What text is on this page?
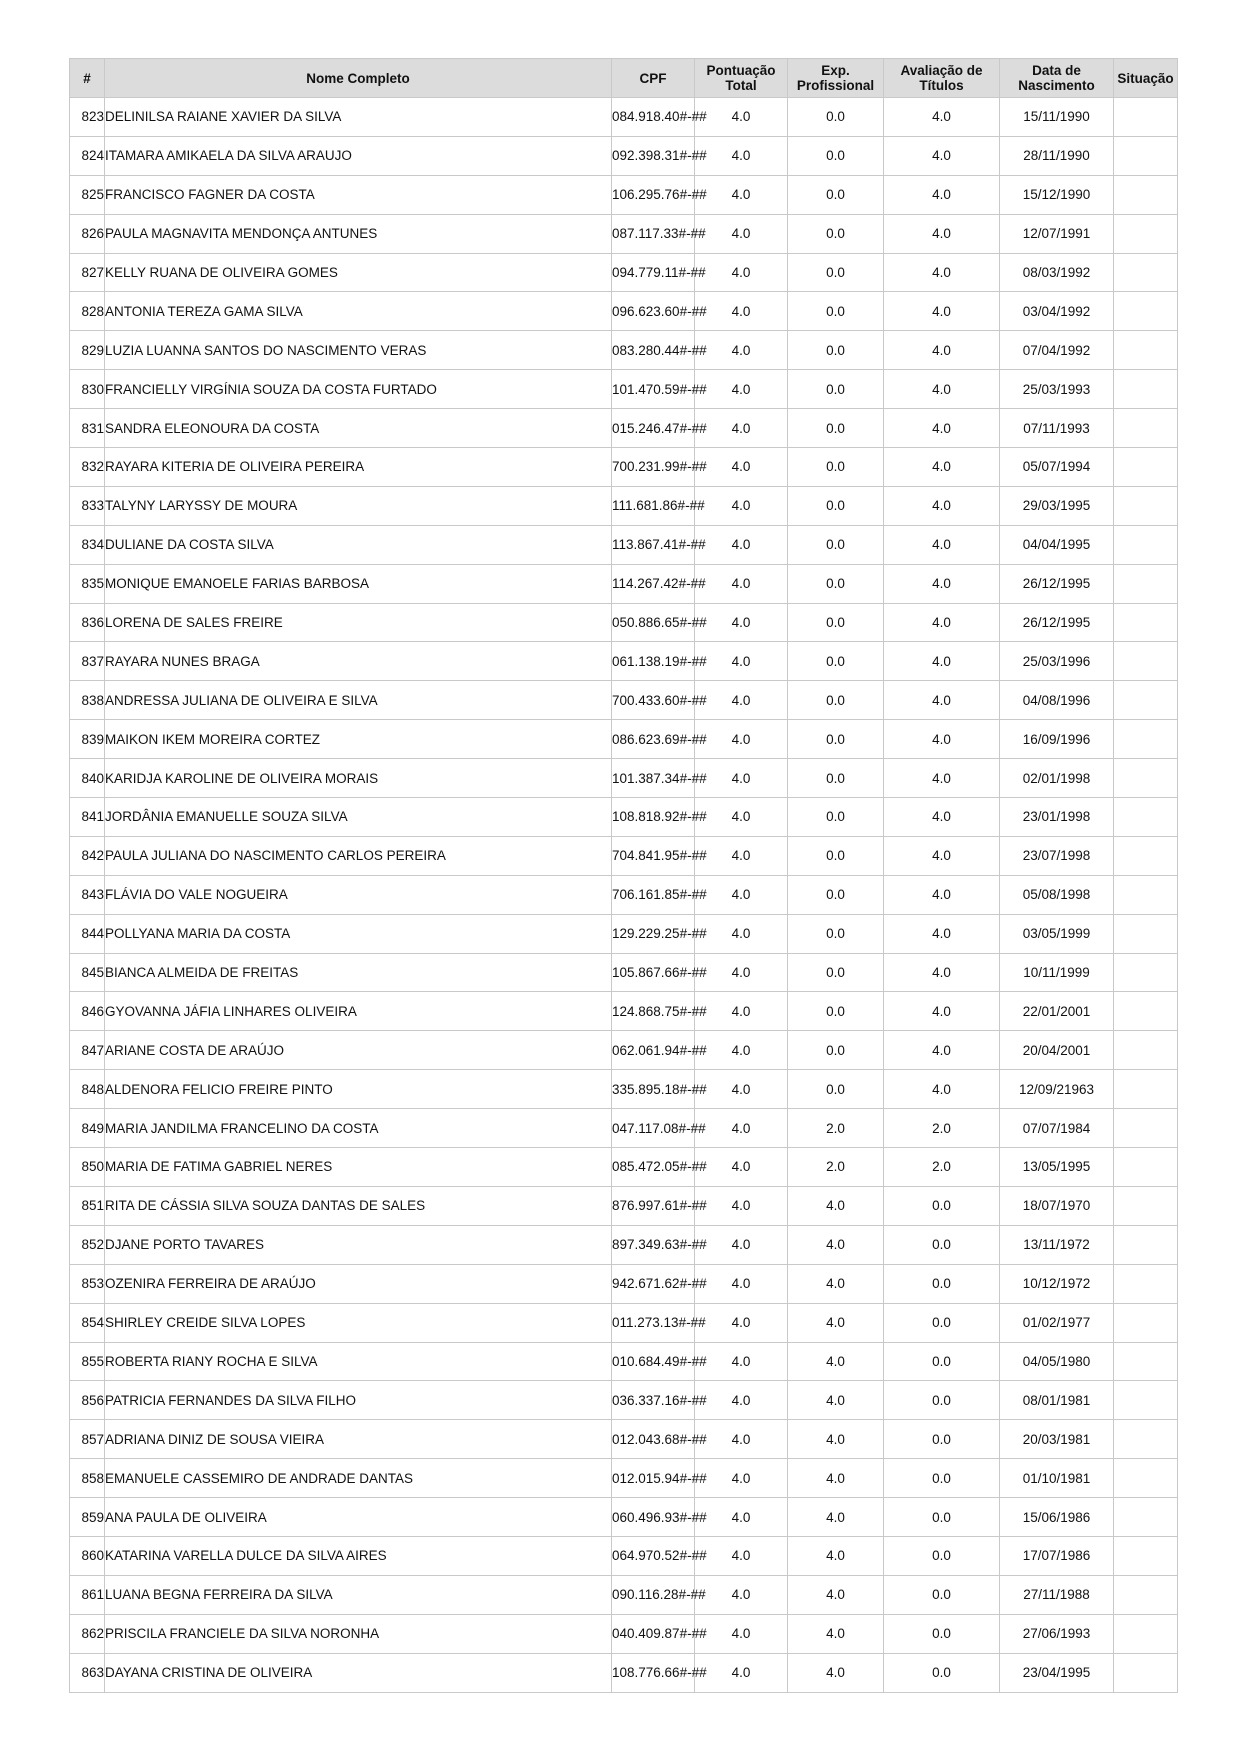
#	Nome Completo	CPF	Pontuação Total	Exp. Profissional	Avaliação de Títulos	Data de Nascimento	Situação
823	DELINILSA RAIANE XAVIER DA SILVA	084.918.40#-##	4.0	0.0	4.0	15/11/1990	
824	ITAMARA AMIKAELA DA SILVA ARAUJO	092.398.31#-##	4.0	0.0	4.0	28/11/1990	
825	FRANCISCO FAGNER DA COSTA	106.295.76#-##	4.0	0.0	4.0	15/12/1990	
826	PAULA MAGNAVITA MENDONÇA ANTUNES	087.117.33#-##	4.0	0.0	4.0	12/07/1991	
827	KELLY RUANA DE OLIVEIRA GOMES	094.779.11#-##	4.0	0.0	4.0	08/03/1992	
828	ANTONIA TEREZA GAMA SILVA	096.623.60#-##	4.0	0.0	4.0	03/04/1992	
829	LUZIA LUANNA SANTOS DO NASCIMENTO VERAS	083.280.44#-##	4.0	0.0	4.0	07/04/1992	
830	FRANCIELLY VIRGÍNIA SOUZA DA COSTA FURTADO	101.470.59#-##	4.0	0.0	4.0	25/03/1993	
831	SANDRA ELEONOURA DA COSTA	015.246.47#-##	4.0	0.0	4.0	07/11/1993	
832	RAYARA KITERIA DE OLIVEIRA PEREIRA	700.231.99#-##	4.0	0.0	4.0	05/07/1994	
833	TALYNY LARYSSY DE MOURA	111.681.86#-##	4.0	0.0	4.0	29/03/1995	
834	DULIANE DA COSTA SILVA	113.867.41#-##	4.0	0.0	4.0	04/04/1995	
835	MONIQUE EMANOELE FARIAS BARBOSA	114.267.42#-##	4.0	0.0	4.0	26/12/1995	
836	LORENA DE SALES FREIRE	050.886.65#-##	4.0	0.0	4.0	26/12/1995	
837	RAYARA NUNES BRAGA	061.138.19#-##	4.0	0.0	4.0	25/03/1996	
838	ANDRESSA JULIANA DE OLIVEIRA E SILVA	700.433.60#-##	4.0	0.0	4.0	04/08/1996	
839	MAIKON IKEM MOREIRA CORTEZ	086.623.69#-##	4.0	0.0	4.0	16/09/1996	
840	KARIDJA KAROLINE DE OLIVEIRA MORAIS	101.387.34#-##	4.0	0.0	4.0	02/01/1998	
841	JORDÂNIA EMANUELLE SOUZA SILVA	108.818.92#-##	4.0	0.0	4.0	23/01/1998	
842	PAULA JULIANA DO NASCIMENTO CARLOS PEREIRA	704.841.95#-##	4.0	0.0	4.0	23/07/1998	
843	FLÁVIA DO VALE NOGUEIRA	706.161.85#-##	4.0	0.0	4.0	05/08/1998	
844	POLLYANA MARIA DA COSTA	129.229.25#-##	4.0	0.0	4.0	03/05/1999	
845	BIANCA ALMEIDA DE FREITAS	105.867.66#-##	4.0	0.0	4.0	10/11/1999	
846	GYOVANNA JÁFIA LINHARES OLIVEIRA	124.868.75#-##	4.0	0.0	4.0	22/01/2001	
847	ARIANE COSTA DE ARAÚJO	062.061.94#-##	4.0	0.0	4.0	20/04/2001	
848	ALDENORA FELICIO FREIRE PINTO	335.895.18#-##	4.0	0.0	4.0	12/09/21963	
849	MARIA JANDILMA FRANCELINO DA COSTA	047.117.08#-##	4.0	2.0	2.0	07/07/1984	
850	MARIA DE FATIMA GABRIEL NERES	085.472.05#-##	4.0	2.0	2.0	13/05/1995	
851	RITA DE CÁSSIA SILVA SOUZA DANTAS DE SALES	876.997.61#-##	4.0	4.0	0.0	18/07/1970	
852	DJANE PORTO TAVARES	897.349.63#-##	4.0	4.0	0.0	13/11/1972	
853	OZENIRA FERREIRA DE ARAÚJO	942.671.62#-##	4.0	4.0	0.0	10/12/1972	
854	SHIRLEY CREIDE SILVA LOPES	011.273.13#-##	4.0	4.0	0.0	01/02/1977	
855	ROBERTA RIANY ROCHA E SILVA	010.684.49#-##	4.0	4.0	0.0	04/05/1980	
856	PATRICIA FERNANDES DA SILVA FILHO	036.337.16#-##	4.0	4.0	0.0	08/01/1981	
857	ADRIANA DINIZ DE SOUSA VIEIRA	012.043.68#-##	4.0	4.0	0.0	20/03/1981	
858	EMANUELE CASSEMIRO DE ANDRADE DANTAS	012.015.94#-##	4.0	4.0	0.0	01/10/1981	
859	ANA PAULA DE OLIVEIRA	060.496.93#-##	4.0	4.0	0.0	15/06/1986	
860	KATARINA VARELLA DULCE DA SILVA AIRES	064.970.52#-##	4.0	4.0	0.0	17/07/1986	
861	LUANA BEGNA FERREIRA DA SILVA	090.116.28#-##	4.0	4.0	0.0	27/11/1988	
862	PRISCILA FRANCIELE DA SILVA NORONHA	040.409.87#-##	4.0	4.0	0.0	27/06/1993	
863	DAYANA CRISTINA DE OLIVEIRA	108.776.66#-##	4.0	4.0	0.0	23/04/1995	
